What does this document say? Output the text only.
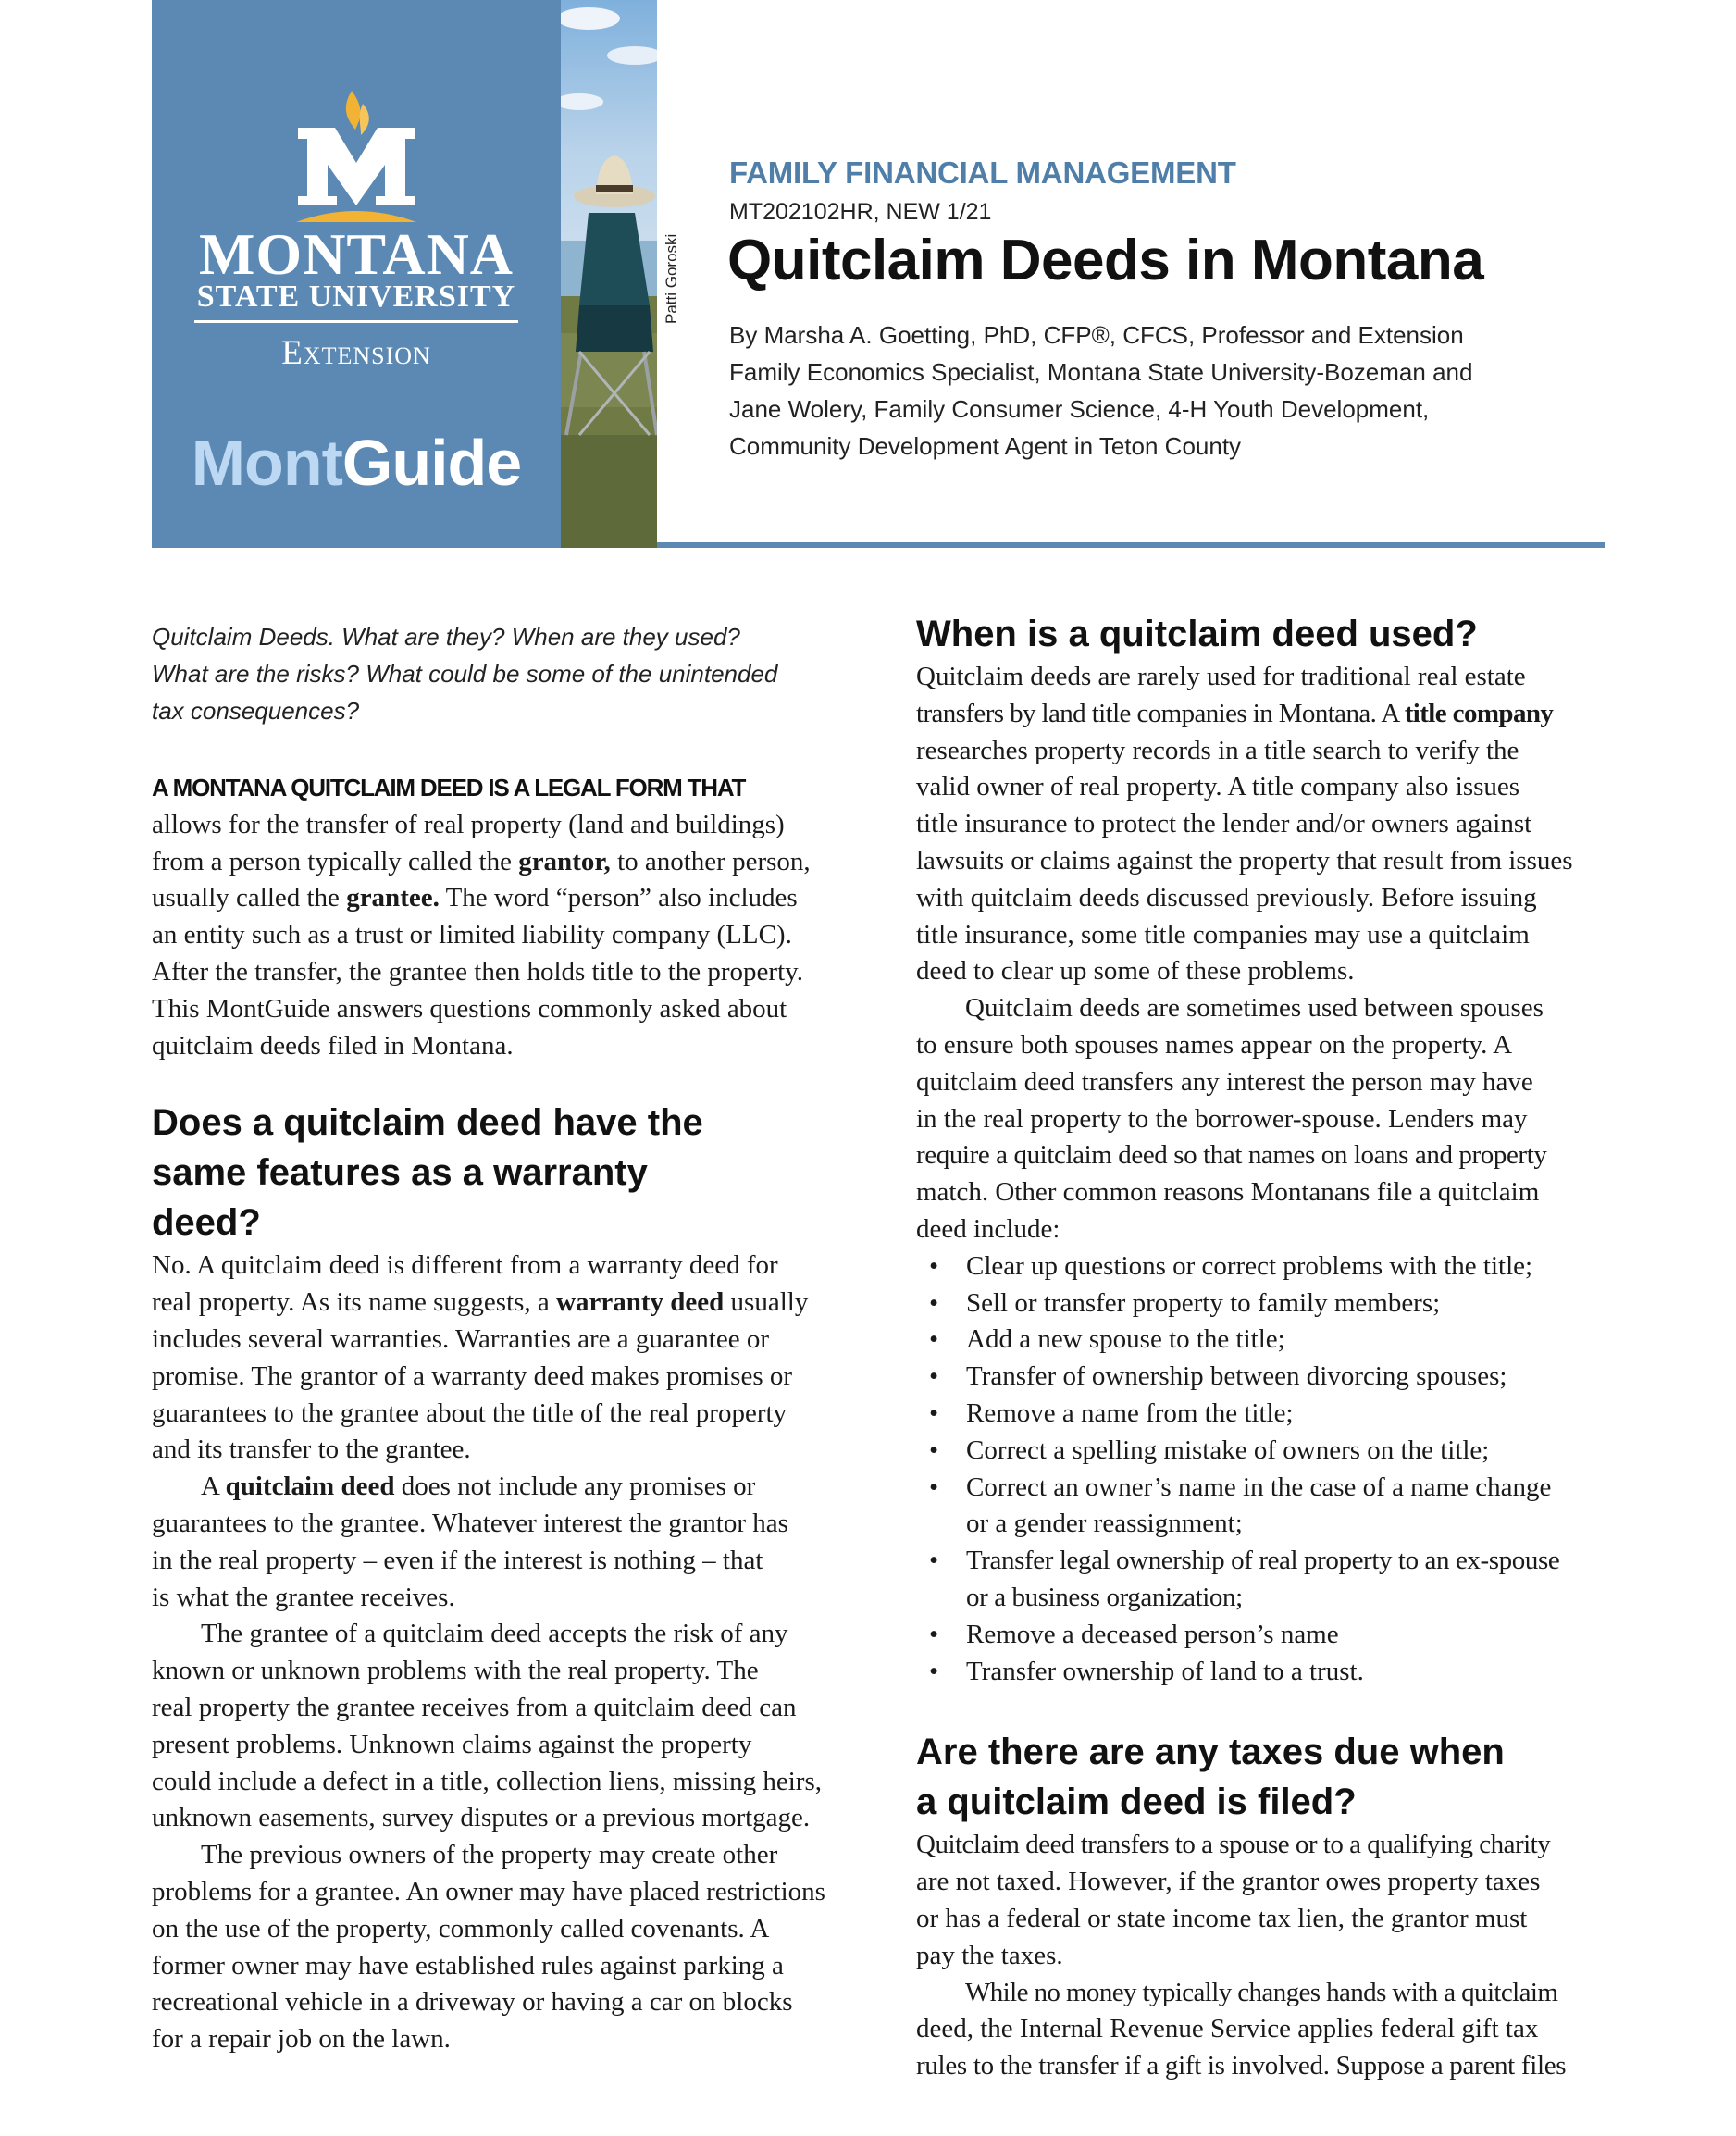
MONTANA
STATE UNIVERSITY
Extension
MontGuide
Patti Goroski
FAMILY FINANCIAL MANAGEMENT
MT202102HR, NEW 1/21
Quitclaim Deeds in Montana
By Marsha A. Goetting, PhD, CFP®, CFCS, Professor and Extension
Family Economics Specialist, Montana State University-Bozeman and
Jane Wolery, Family Consumer Science, 4-H Youth Development,
Community Development Agent in Teton County

Quitclaim Deeds. What are they? When are they used?
What are the risks? What could be some of the unintended
tax consequences?

A MONTANA QUITCLAIM DEED IS A LEGAL FORM THAT
allows for the transfer of real property (land and buildings)
from a person typically called the grantor, to another person,
usually called the grantee. The word “person” also includes
an entity such as a trust or limited liability company (LLC).
After the transfer, the grantee then holds title to the property.
This MontGuide answers questions commonly asked about
quitclaim deeds filed in Montana.

Does a quitclaim deed have the
same features as a warranty
deed?

No. A quitclaim deed is different from a warranty deed for
real property. As its name suggests, a warranty deed usually
includes several warranties. Warranties are a guarantee or
promise. The grantor of a warranty deed makes promises or
guarantees to the grantee about the title of the real property
and its transfer to the grantee.

A quitclaim deed does not include any promises or
guarantees to the grantee. Whatever interest the grantor has
in the real property – even if the interest is nothing – that
is what the grantee receives.

The grantee of a quitclaim deed accepts the risk of any
known or unknown problems with the real property. The
real property the grantee receives from a quitclaim deed can
present problems. Unknown claims against the property
could include a defect in a title, collection liens, missing heirs,
unknown easements, survey disputes or a previous mortgage.

The previous owners of the property may create other
problems for a grantee. An owner may have placed restrictions
on the use of the property, commonly called covenants. A
former owner may have established rules against parking a
recreational vehicle in a driveway or having a car on blocks
for a repair job on the lawn.

When is a quitclaim deed used?

Quitclaim deeds are rarely used for traditional real estate
transfers by land title companies in Montana. A title company
researches property records in a title search to verify the
valid owner of real property. A title company also issues
title insurance to protect the lender and/or owners against
lawsuits or claims against the property that result from issues
with quitclaim deeds discussed previously. Before issuing
title insurance, some title companies may use a quitclaim
deed to clear up some of these problems.

Quitclaim deeds are sometimes used between spouses
to ensure both spouses names appear on the property. A
quitclaim deed transfers any interest the person may have
in the real property to the borrower-spouse. Lenders may
require a quitclaim deed so that names on loans and property
match. Other common reasons Montanans file a quitclaim
deed include:

• Clear up questions or correct problems with the title;
• Sell or transfer property to family members;
• Add a new spouse to the title;
• Transfer of ownership between divorcing spouses;
• Remove a name from the title;
• Correct a spelling mistake of owners on the title;
• Correct an owner’s name in the case of a name change
or a gender reassignment;
• Transfer legal ownership of real property to an ex-spouse
or a business organization;
• Remove a deceased person’s name
• Transfer ownership of land to a trust.
Are there are any taxes due when
a quitclaim deed is filed?

Quitclaim deed transfers to a spouse or to a qualifying charity
are not taxed. However, if the grantor owes property taxes
or has a federal or state income tax lien, the grantor must
pay the taxes.

While no money typically changes hands with a quitclaim
deed, the Internal Revenue Service applies federal gift tax
rules to the transfer if a gift is involved. Suppose a parent files
